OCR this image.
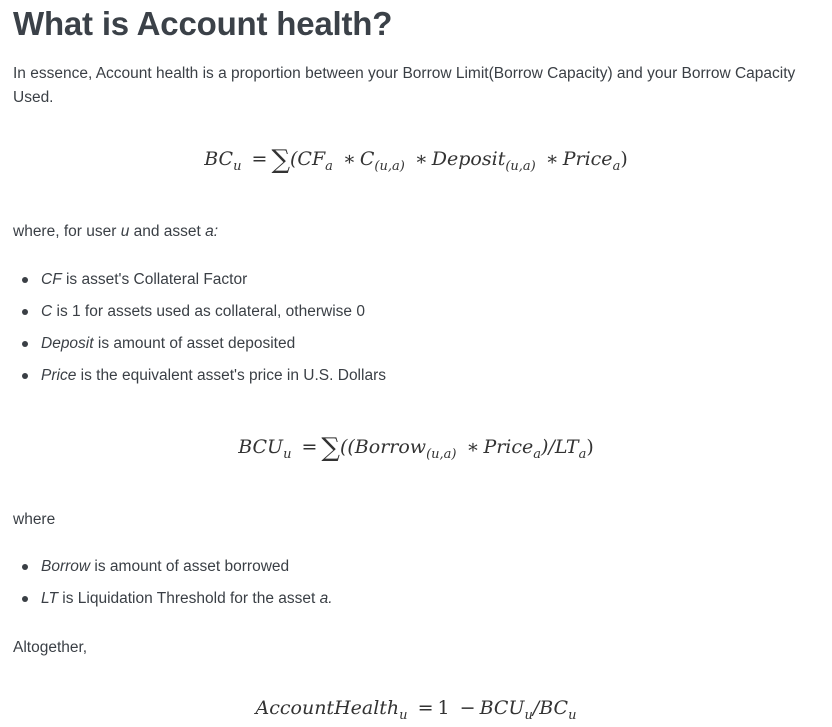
What is Account health?

In essence, Account health is a proportion between your Borrow Limit(Borrow Capacity) and your Borrow Capacity Used.

$BC_u = \sum(CF_a$ ∗ $C_{(u,a)}$ ∗ Deposit$_{(u,a)}$ ∗ Price$_a$)

where, for user u and asset a:

CF is asset's Collateral Factor
C is 1 for assets used as collateral, otherwise 0
Deposit is amount of asset deposited
Price is the equivalent asset's price in U.S. Dollars
$BCU_u$ = ∑((Borrow$_{(u,a)}$ ∗ $Price_a)/LT_a$)

where

Borrow is amount of asset borrowed
LT is Liquidation Threshold for the asset a.

Altogether,

AccountHealth$_u$ = $1 - BCU_u/BC_u$
